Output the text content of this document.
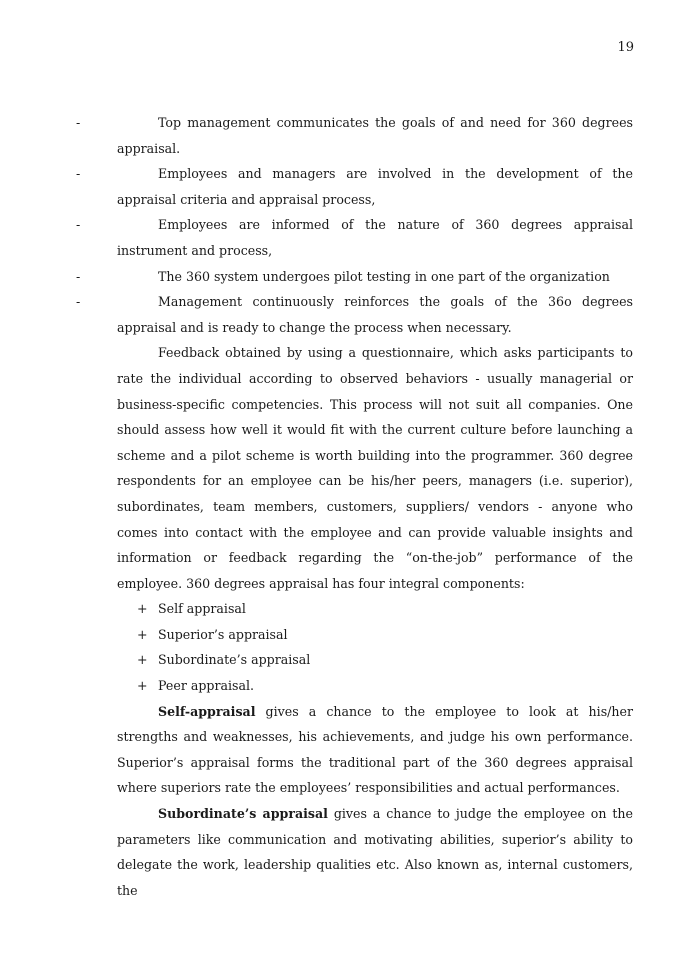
19

-	Top management communicates the goals of and need for 360 degrees appraisal.

-	Employees and managers are involved in the development of the appraisal criteria and appraisal process,

-	Employees are informed of the nature of 360 degrees appraisal instrument and process,

-	The 360 system undergoes pilot testing in one part of the organization

-	Management continuously reinforces the goals of the 36o degrees appraisal and is ready to change the process when necessary.

Feedback obtained by using a questionnaire, which asks participants to rate the individual according to observed behaviors - usually managerial or business-specific competencies. This process will not suit all companies. One should assess how well it would fit with the current culture before launching a scheme and a pilot scheme is worth building into the programmer. 360 degree respondents for an employee can be his/her peers, managers (i.e. superior), subordinates, team members, customers, suppliers/ vendors - anyone who comes into contact with the employee and can provide valuable insights and information or feedback regarding the “on-the-job” performance of the employee. 360 degrees appraisal has four integral components:

+ Self appraisal
+ Superior’s appraisal
+ Subordinate’s appraisal
+ Peer appraisal.

Self-appraisal gives a chance to the employee to look at his/her strengths and weaknesses, his achievements, and judge his own performance. Superior’s appraisal forms the traditional part of the 360 degrees appraisal where superiors rate the employees’ responsibilities and actual performances.

Subordinate’s appraisal gives a chance to judge the employee on the parameters like communication and motivating abilities, superior’s ability to delegate the work, leadership qualities etc. Also known as, internal customers, the
